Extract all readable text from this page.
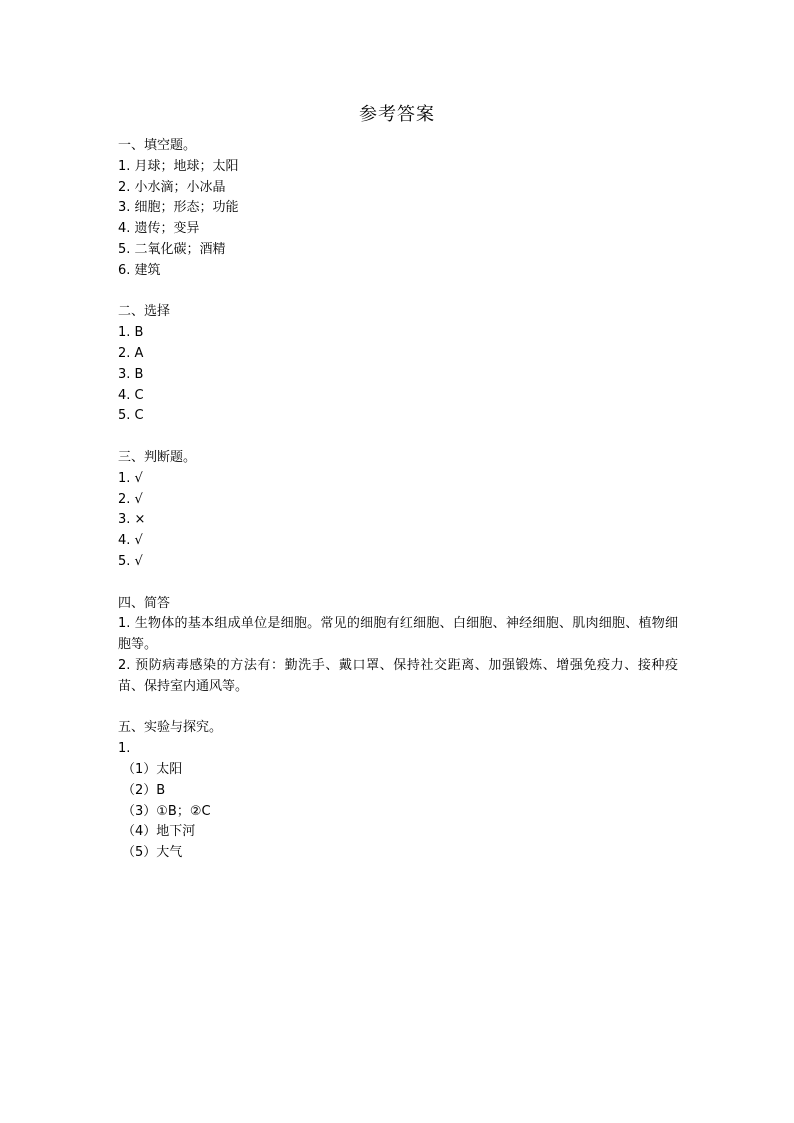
参考答案

一、填空题。

1. 月球；地球；太阳

2. 小水滴；小冰晶

3. 细胞；形态；功能

4. 遗传；变异

5. 二氧化碳；酒精

6. 建筑

二、选择

1. B

2. A

3. B

4. C

5. C

三、判断题。

1. √

2. √

3. ×

4. √

5. √

四、简答

1. 生物体的基本组成单位是细胞。常见的细胞有红细胞、白细胞、神经细胞、肌肉细胞、植物细胞等。

2. 预防病毒感染的方法有：勤洗手、戴口罩、保持社交距离、加强锻炼、增强免疫力、接种疫苗、保持室内通风等。

五、实验与探究。

1.

（1）太阳

（2）B

（3）①B；②C

（4）地下河

（5）大气
